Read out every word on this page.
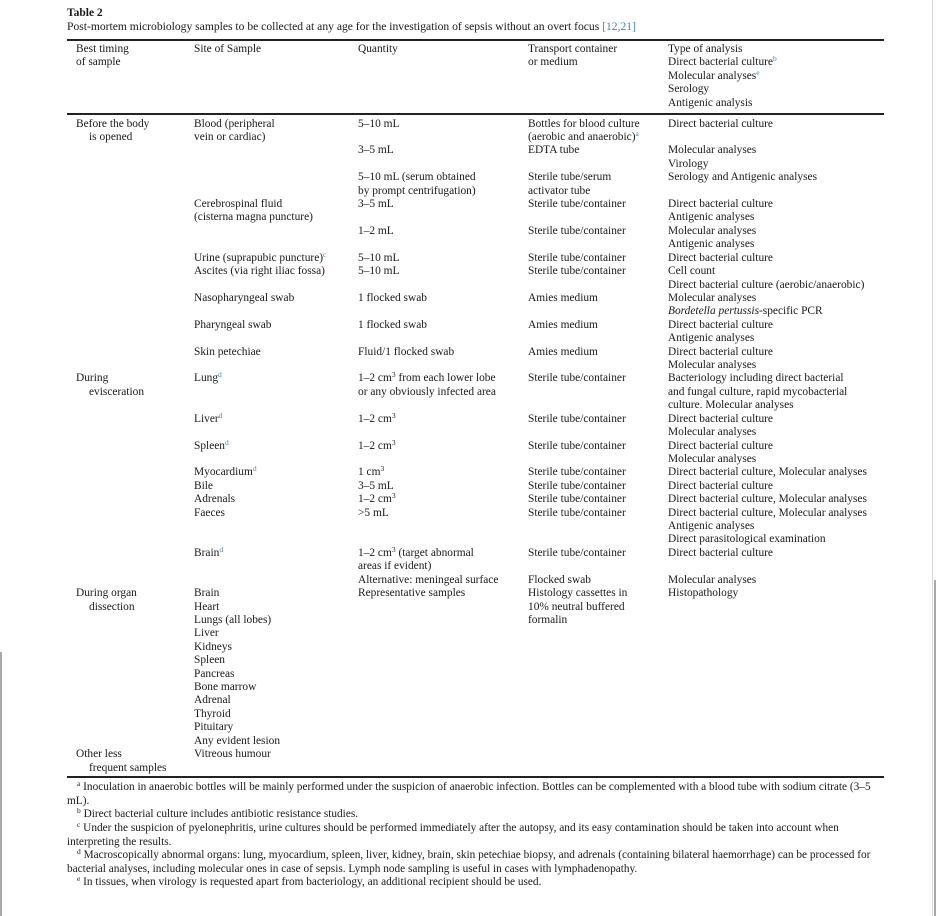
Table 2
Post-mortem microbiology samples to be collected at any age for the investigation of sepsis without an overt focus [12,21]
Best timing
of sample
Site of Sample	Quantity	Transport container
or medium
Type of analysis
Direct bacterial culture$^b$
Molecular analyses$^e$
Serology
Antigenic analysis
Before the body
is opened
During
evisceration
During organ
dissection
Other less
frequent samples
Blood (peripheral
vein or cardiac)
Cerebrospinal fluid
(cisterna magna puncture)
Urine (suprapubic puncture)$^c$
Ascites (via right iliac fossa)
Nasopharyngeal swab
Pharyngeal swab
Skin petechiae
Lung$^d$
Liver$^d$
Spleen$^d$
Myocardium$^d$
Bile
Adrenals
Faeces
Brain$^d$
Brain
Heart
Lungs (all lobes)
Liver
Kidneys
Spleen
Pancreas
Bone marrow
Adrenal
Thyroid
Pituitary
Any evident lesion
Vitreous humour
5–10 mL
3–5 mL
5–10 mL (serum obtained
by prompt centrifugation)
3–5 mL
1–2 mL
5–10 mL
5–10 mL
1 flocked swab
1 flocked swab
Fluid/1 flocked swab
1–2 $cm^3$ from each lower lobe
or any obviously infected area
1–2 $cm^3$
1–2 $cm^3$
1 $cm^3$
3–5 mL
1–2 $cm^3$
>5 mL
1–2 $cm^3$ (target abnormal
areas if evident)
Alternative: meningeal surface
Representative samples
Bottles for blood culture
(aerobic and anaerobic)$^a$
EDTA tube
Sterile tube/serum
activator tube
Sterile tube/container
Sterile tube/container
Sterile tube/container
Sterile tube/container
Amies medium
Amies medium
Amies medium
Sterile tube/container
Sterile tube/container
Sterile tube/container
Sterile tube/container
Sterile tube/container
Sterile tube/container
Sterile tube/container
Sterile tube/container
Flocked swab
Histology cassettes in
10% neutral buffered
formalin
Direct bacterial culture
Molecular analyses
Virology
Serology and Antigenic analyses
Direct bacterial culture
Antigenic analyses
Molecular analyses
Antigenic analyses
Direct bacterial culture
Cell count
Direct bacterial culture (aerobic/anaerobic)
Molecular analyses
Bordetella pertussis-specific PCR
Direct bacterial culture
Antigenic analyses
Direct bacterial culture
Molecular analyses
Bacteriology including direct bacterial
and fungal culture, rapid mycobacterial
culture. Molecular analyses
Direct bacterial culture
Molecular analyses
Direct bacterial culture
Molecular analyses
Direct bacterial culture, Molecular analyses
Direct bacterial culture
Direct bacterial culture, Molecular analyses
Direct bacterial culture, Molecular analyses
Antigenic analyses
Direct parasitological examination
Direct bacterial culture
Molecular analyses
Histopathology
$^a$ Inoculation in anaerobic bottles will be mainly performed under the suspicion of anaerobic infection. Bottles can be complemented with a blood tube with sodium citrate (3–5 mL).
$^b$ Direct bacterial culture includes antibiotic resistance studies.
$^c$ Under the suspicion of pyelonephritis, urine cultures should be performed immediately after the autopsy, and its easy contamination should be taken into account when interpreting the results.
$^d$ Macroscopically abnormal organs: lung, myocardium, spleen, liver, kidney, brain, skin petechiae biopsy, and adrenals (containing bilateral haemorrhage) can be processed for bacterial analyses, including molecular ones in case of sepsis. Lymph node sampling is useful in cases with lymphadenopathy.
$^e$ In tissues, when virology is requested apart from bacteriology, an additional recipient should be used.
